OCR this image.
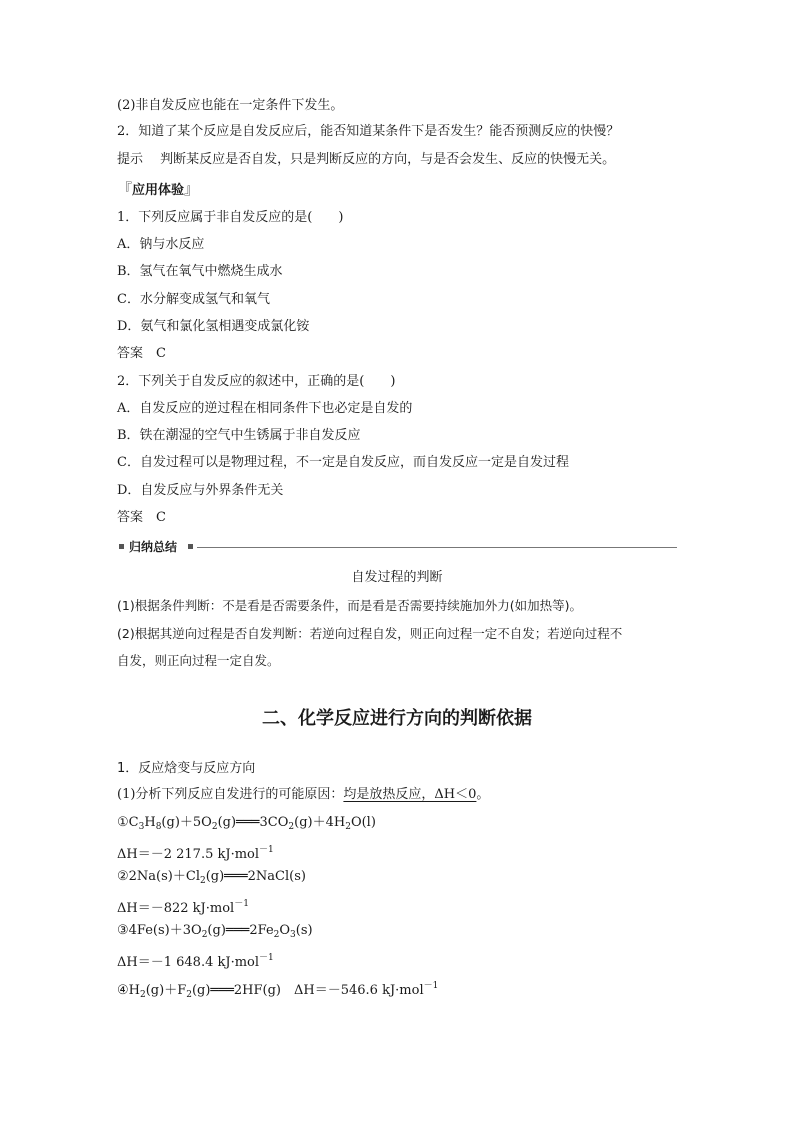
(2)非自发反应也能在一定条件下发生。
2．知道了某个反应是自发反应后，能否知道某条件下是否发生？能否预测反应的快慢？
提示　 判断某反应是否自发，只是判断反应的方向，与是否会发生、反应的快慢无关。
『应用体验』
1．下列反应属于非自发反应的是(　　)
A．钠与水反应
B．氢气在氧气中燃烧生成水
C．水分解变成氢气和氧气
D．氨气和氯化氢相遇变成氯化铵
答案　 C
2．下列关于自发反应的叙述中，正确的是(　　)
A．自发反应的逆过程在相同条件下也必定是自发的
B．铁在潮湿的空气中生锈属于非自发反应
C．自发过程可以是物理过程，不一定是自发反应，而自发反应一定是自发过程
D．自发反应与外界条件无关
答案　 C
归纳总结
自发过程的判断
(1)根据条件判断：不是看是否需要条件，而是看是否需要持续施加外力(如加热等)。
(2)根据其逆向过程是否自发判断：若逆向过程自发，则正向过程一定不自发；若逆向过程不
自发，则正向过程一定自发。
二、化学反应进行方向的判断依据
1．反应焓变与反应方向
(1)分析下列反应自发进行的可能原因：均是放热反应，ΔH＜0。
$①C_3H_8(g)+5O_2(g)═══3CO_2(g)+4H_2O(l)$
ΔH＝－2 217.5 kJ·mol$^{-1}$
$②2Na(s)+Cl_2(g)═══2NaCl(s)$
ΔH＝－822 kJ·mol$^{-1}$
$③4Fe(s)+3O_2(g)═══2Fe_2O_3(s)$
ΔH＝－1 648.4 kJ·mol$^{-1}$
$④H_2(g)+F_2(g)═══2HF(g)$　ΔH＝－546.6 kJ·mol$^{-1}$
